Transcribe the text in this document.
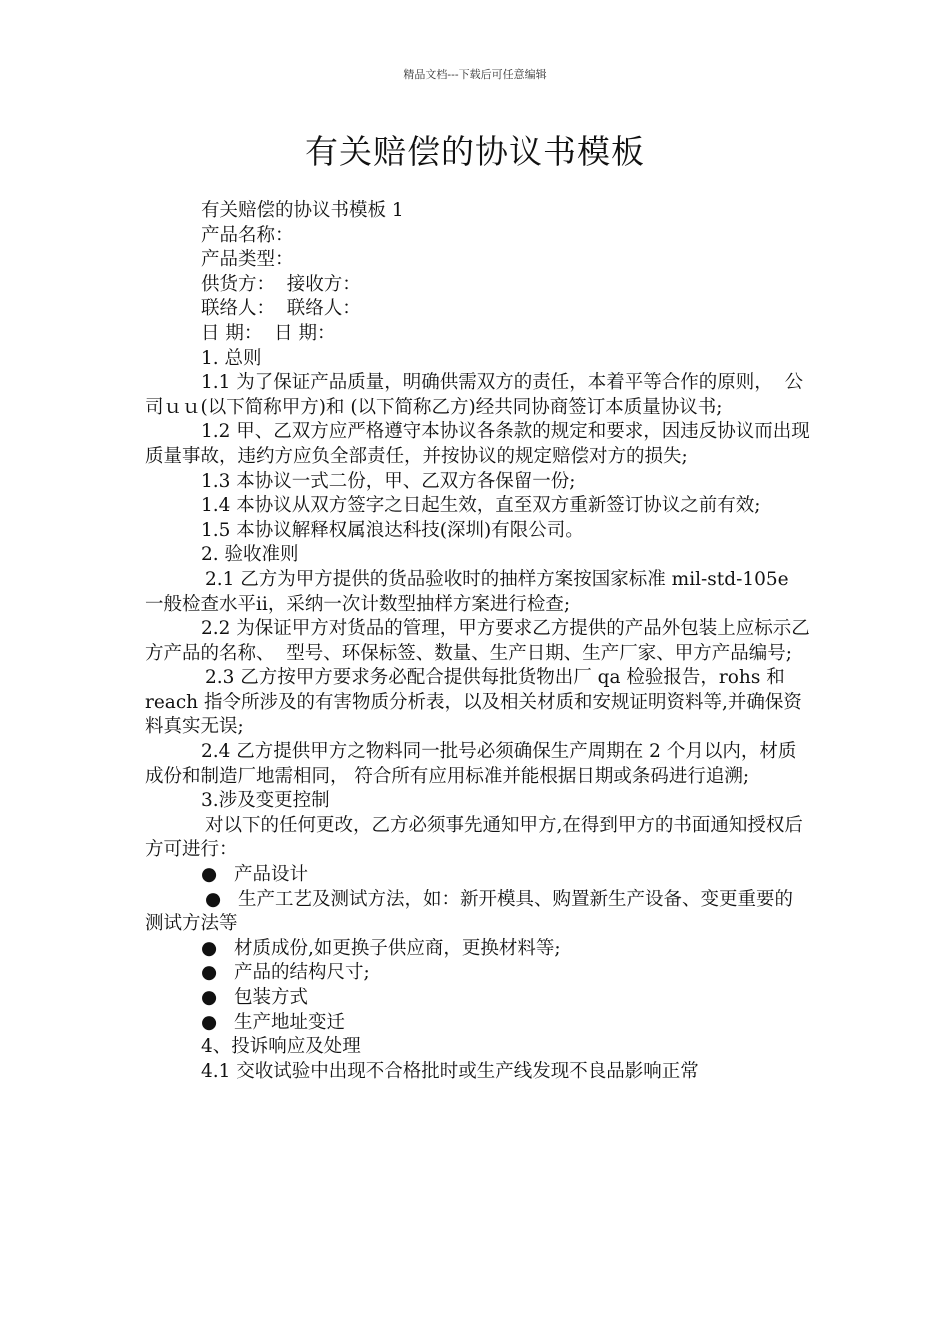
精品文档---下载后可任意编辑
有关赔偿的协议书模板

有关赔偿的协议书模板 1

产品名称：

产品类型：

供货方：  接收方：

联络人：  联络人：

日 期：  日 期：

1. 总则

1.1 为了保证产品质量，明确供需双方的责任，本着平等合作的原则，  公司ｕｕ(以下简称甲方)和 (以下简称乙方)经共同协商签订本质量协议书;

1.2 甲、乙双方应严格遵守本协议各条款的规定和要求，因违反协议而出现质量事故，违约方应负全部责任，并按协议的规定赔偿对方的损失;

1.3 本协议一式二份，甲、乙双方各保留一份;

1.4 本协议从双方签字之日起生效，直至双方重新签订协议之前有效;

1.5 本协议解释权属浪达科技(深圳)有限公司。

2. 验收准则

2.1 乙方为甲方提供的货品验收时的抽样方案按国家标准 mil-std-105e 一般检查水平ⅱ，采纳一次计数型抽样方案进行检查;

2.2 为保证甲方对货品的管理，甲方要求乙方提供的产品外包装上应标示乙方产品的名称、  型号、环保标签、数量、生产日期、生产厂家、甲方产品编号;

2.3 乙方按甲方要求务必配合提供每批货物出厂 qa 检验报告，rohs 和 reach 指令所涉及的有害物质分析表，以及相关材质和安规证明资料等,并确保资料真实无误;

2.4 乙方提供甲方之物料同一批号必须确保生产周期在 2 个月以内，材质成份和制造厂地需相同， 符合所有应用标准并能根据日期或条码进行追溯;

3.涉及变更控制

对以下的任何更改，乙方必须事先通知甲方,在得到甲方的书面通知授权后方可进行：

● 产品设计

● 生产工艺及测试方法，如：新开模具、购置新生产设备、变更重要的测试方法等

● 材质成份,如更换子供应商，更换材料等;

● 产品的结构尺寸;

● 包装方式

● 生产地址变迁

4、投诉响应及处理

4.1 交收试验中出现不合格批时或生产线发现不良品影响正常
